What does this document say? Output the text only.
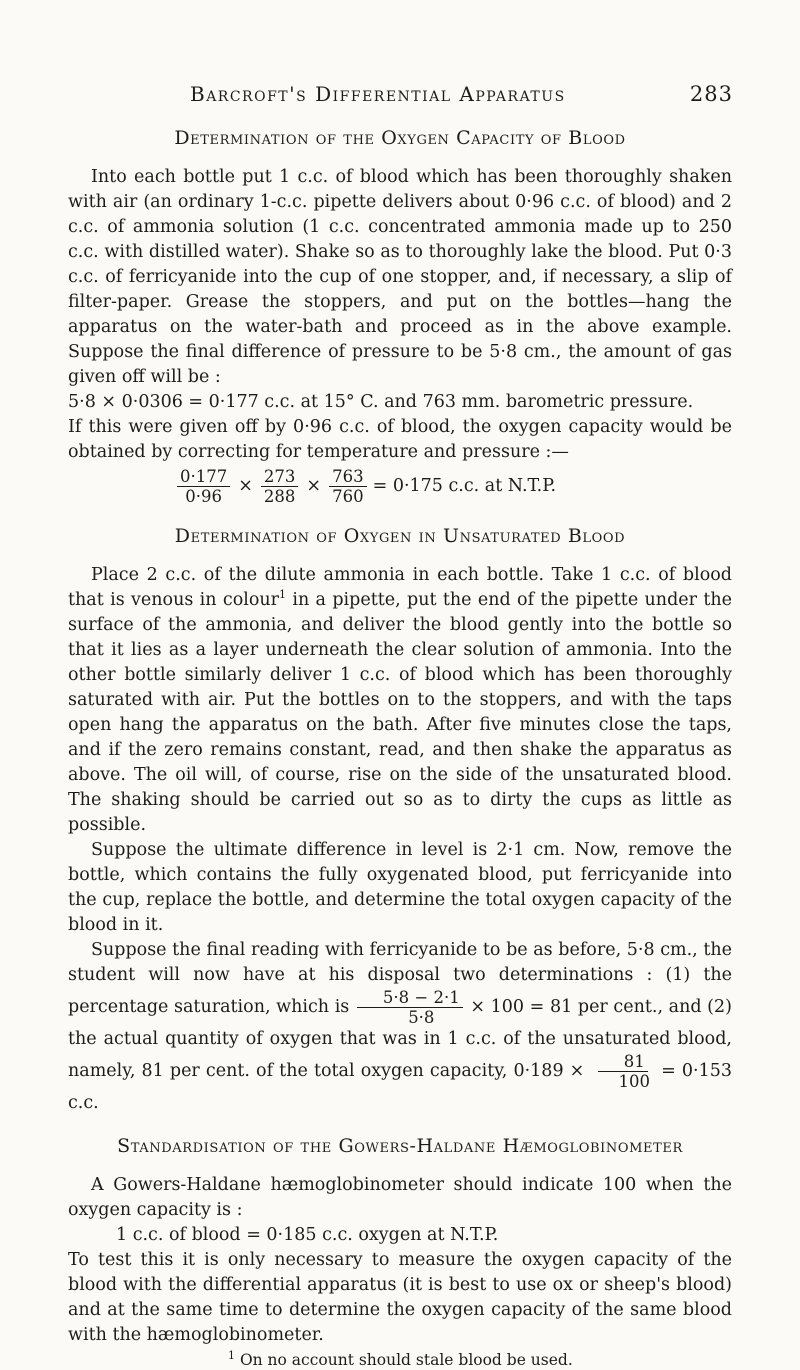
Barcroft's Differential Apparatus	283
Determination of the Oxygen Capacity of Blood

Into each bottle put 1 c.c. of blood which has been thoroughly shaken with air (an ordinary 1-c.c. pipette delivers about 0·96 c.c. of blood) and 2 c.c. of ammonia solution (1 c.c. concentrated ammonia made up to 250 c.c. with distilled water). Shake so as to thoroughly lake the blood. Put 0·3 c.c. of ferricyanide into the cup of one stopper, and, if necessary, a slip of filter-paper. Grease the stoppers, and put on the bottles—hang the apparatus on the water-bath and proceed as in the above example. Suppose the final difference of pressure to be 5·8 cm., the amount of gas given off will be :

5·8 × 0·0306 = 0·177 c.c. at 15° C. and 763 mm. barometric pressure.

If this were given off by 0·96 c.c. of blood, the oxygen capacity would be obtained by correcting for temperature and pressure :—

$\frac{0\cdot 177}{0\cdot 96} \times \frac{273}{288} \times \frac{763}{760} = 0\cdot 175$ c.c. at N.T.P.
Determination of Oxygen in Unsaturated Blood

Place 2 c.c. of the dilute ammonia in each bottle. Take 1 c.c. of blood that is venous in colour$^1$ in a pipette, put the end of the pipette under the surface of the ammonia, and deliver the blood gently into the bottle so that it lies as a layer underneath the clear solution of ammonia. Into the other bottle similarly deliver 1 c.c. of blood which has been thoroughly saturated with air. Put the bottles on to the stoppers, and with the taps open hang the apparatus on the bath. After five minutes close the taps, and if the zero remains constant, read, and then shake the apparatus as above. The oil will, of course, rise on the side of the unsaturated blood. The shaking should be carried out so as to dirty the cups as little as possible.

Suppose the ultimate difference in level is 2·1 cm. Now, remove the bottle, which contains the fully oxygenated blood, put ferricyanide into the cup, replace the bottle, and determine the total oxygen capacity of the blood in it.

Suppose the final reading with ferricyanide to be as before, 5·8 cm., the student will now have at his disposal two determinations : (1) the percentage saturation, which is $\frac{5\cdot 8 - 2\cdot 1}{5\cdot 8} \times 100 = 81$ per cent., and (2) the actual quantity of oxygen that was in 1 c.c. of the unsaturated blood, namely, 81 per cent. of the total oxygen capacity, $0\cdot 189 \times \frac{81}{100} = 0\cdot 153$ c.c.

Standardisation of the Gowers-Haldane Hæmoglobinometer

A Gowers-Haldane hæmoglobinometer should indicate 100 when the oxygen capacity is :

1 c.c. of blood = 0·185 c.c. oxygen at N.T.P.

To test this it is only necessary to measure the oxygen capacity of the blood with the differential apparatus (it is best to use ox or sheep's blood) and at the same time to determine the oxygen capacity of the same blood with the hæmoglobinometer.

$^1$ On no account should stale blood be used.
